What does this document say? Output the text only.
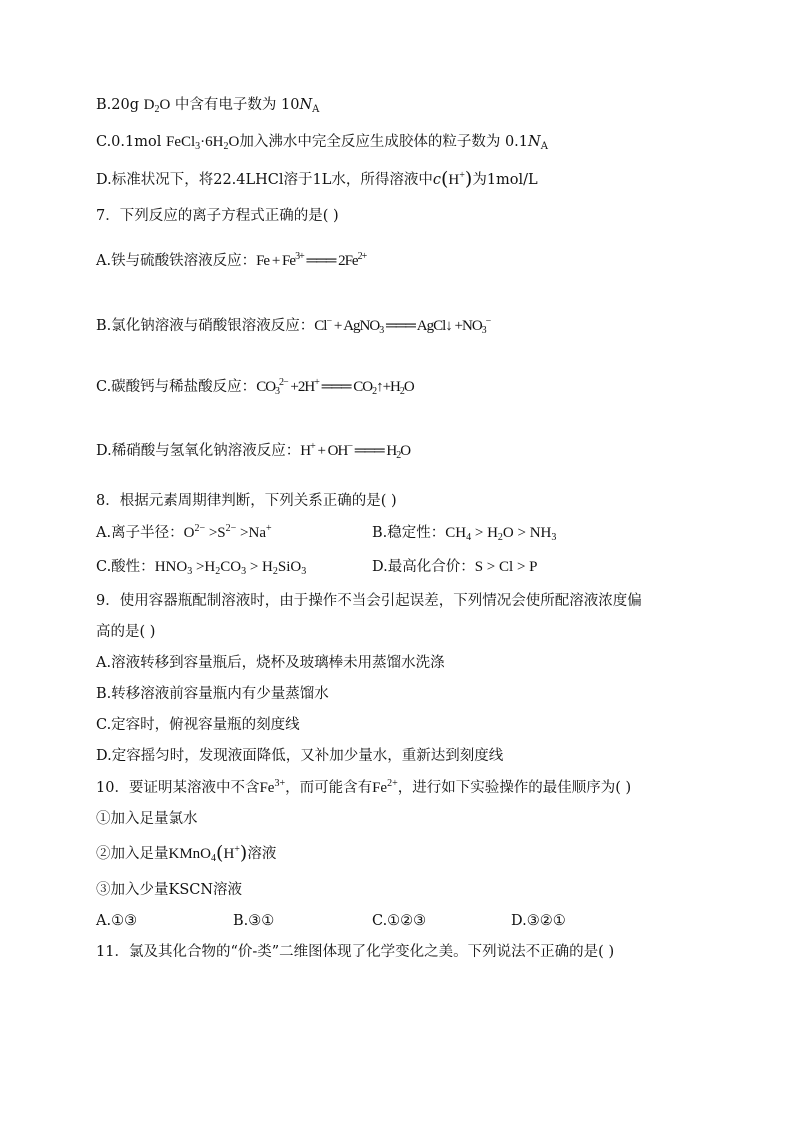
B.20g $D_2O$ 中含有电子数为 $10N_A$
C.0.1mol $FeCl_3\cdot 6H_2O$加入沸水中完全反应生成胶体的粒子数为 $0.1N_A$
D.标准状况下，将22.4LHCl溶于1L水，所得溶液中c(H+)为1mol/L
7．下列反应的离子方程式正确的是( )
A.铁与硫酸铁溶液反应：$Fe + Fe^{3+}$ ═══ $2Fe^{2+}$
B.氯化钠溶液与硝酸银溶液反应：Cl− + AgNO$_3$ ═══ AgCl↓ $+NO_3^-$
C.碳酸钙与稀盐酸反应：$CO_3^{2-} +2H^+$ ═══ $CO_2↑+H_2O$
D.稀硝酸与氢氧化钠溶液反应：H+ + OH− ═══ $H_2O$
8．根据元素周期律判断，下列关系正确的是( )
A.离子半径：$O^{2-} >S^{2-} >Na^+$	B.稳定性：$CH_4 > H_2O > NH_3$
C.酸性：$HNO_3 >H_2CO_3 > H_2SiO_3$	D.最高化合价：S > Cl > P
9．使用容器瓶配制溶液时，由于操作不当会引起误差，下列情况会使所配溶液浓度偏
高的是( )
A.溶液转移到容量瓶后，烧杯及玻璃棒未用蒸馏水洗涤
B.转移溶液前容量瓶内有少量蒸馏水
C.定容时，俯视容量瓶的刻度线
D.定容摇匀时，发现液面降低，又补加少量水，重新达到刻度线
10．要证明某溶液中不含$Fe^{3+}$，而可能含有$Fe^{2+}$，进行如下实验操作的最佳顺序为( )
①加入足量氯水
②加入足量KMnO$_4$(H+)溶液
③加入少量KSCN溶液
A.①③	B.③①	C.①②③	D.③②①
11．氯及其化合物的“价-类”二维图体现了化学变化之美。下列说法不正确的是( )
